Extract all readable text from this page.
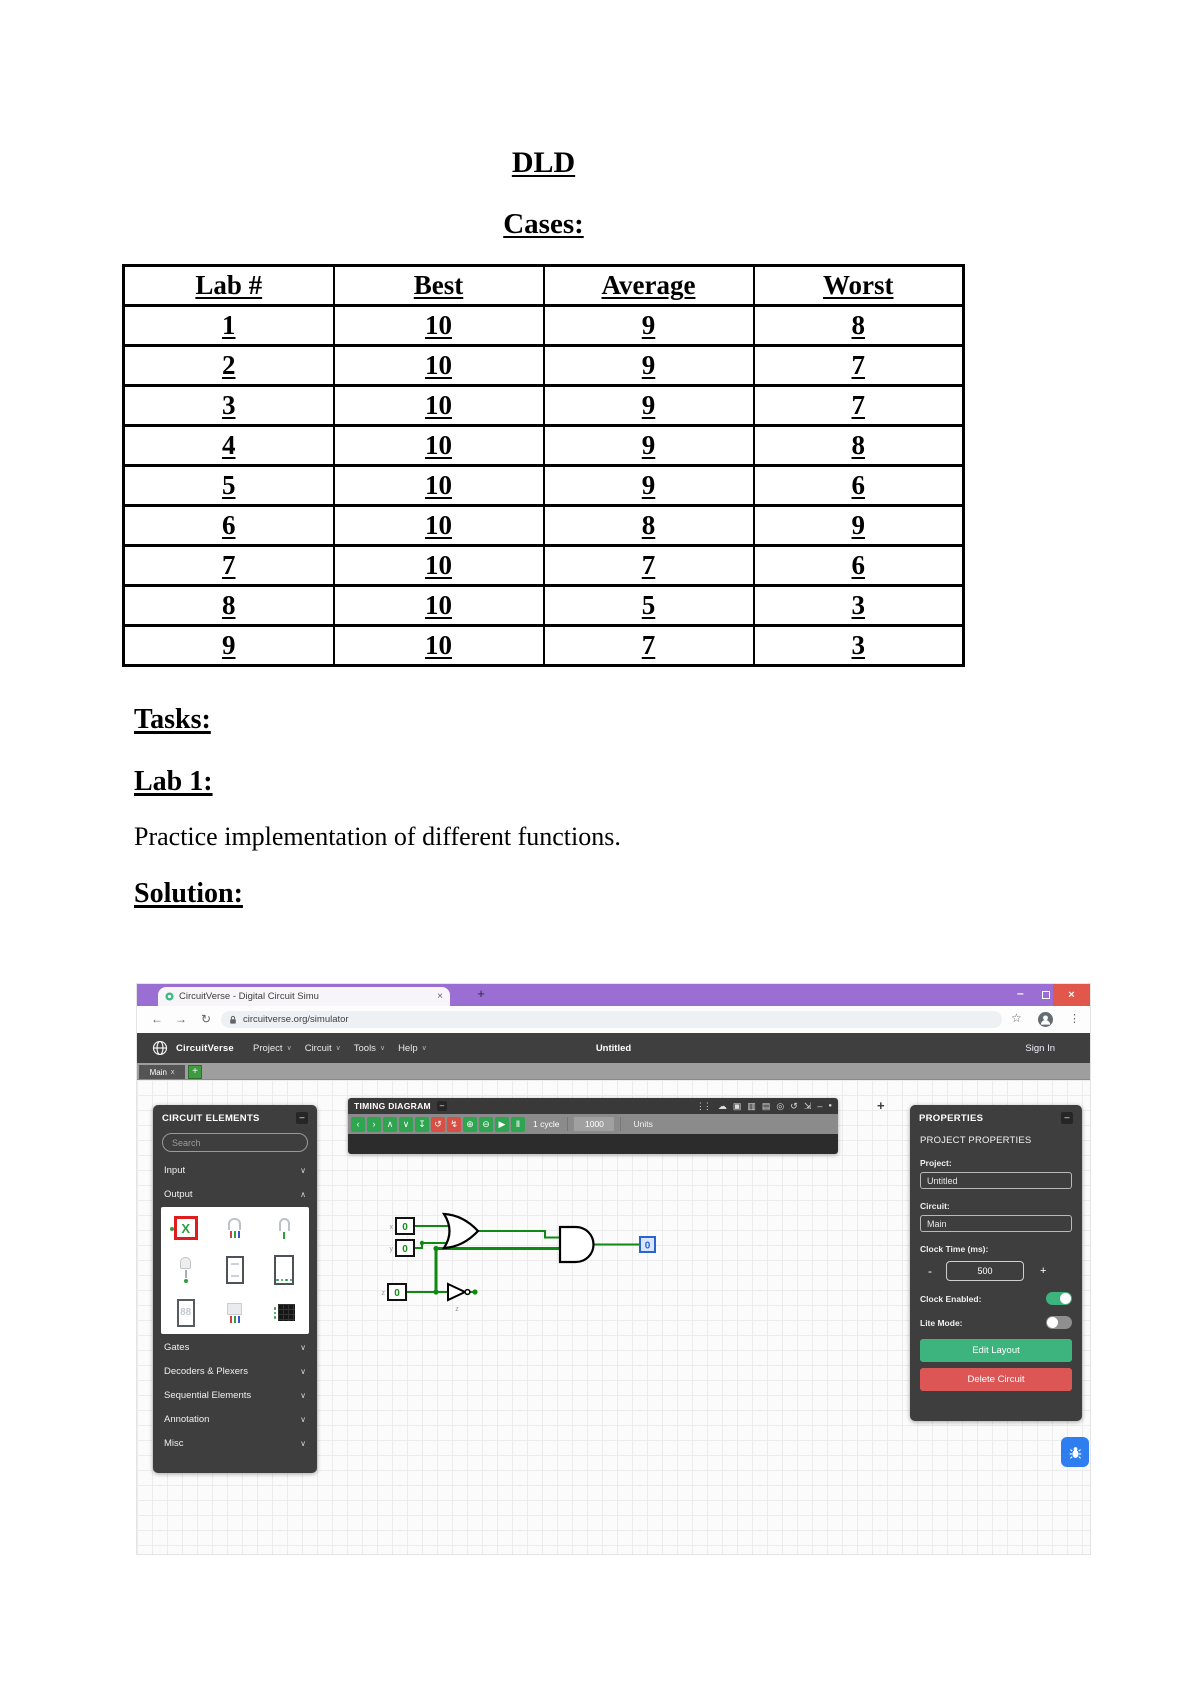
DLD
Cases:
Lab #	Best	Average	Worst
1	10	9	8
2	10	9	7
3	10	9	7
4	10	9	8
5	10	9	6
6	10	8	9
7	10	7	6
8	10	5	3
9	10	7	3
Tasks:
Lab 1:
Practice implementation of different functions.
Solution:
CircuitVerse - Digital Circuit Simu	×	+	–	×
← → ↻	circuitverse.org/simulator	☆	⋮
CircuitVerse Project ∨ Circuit ∨ Tools ∨ Help ∨	Untitled	Sign In
Main x	+
CIRCUIT ELEMENTS	–
Search
Input	∨
Output	∧
X
88
Gates	∨
Decoders & Plexers	∨
Sequential Elements	∨
Annotation	∨
Misc	∨
TIMING DIAGRAM	–	⋮⋮ ☁ ▣ ▥ ▤ ◎ ↺ ⇲ – ●
‹	›	∧	∨ ↧ ↺ ↯ ⊕ ⊖ ▶	Ⅱ	1 cycle	1000	Units
+
x 0
y 0
z 0
z
0
PROPERTIES	–
PROJECT PROPERTIES
Project:
Untitled
Circuit:
Main
Clock Time (ms):
-
500	+
Clock Enabled:
Lite Mode:
Edit Layout
Delete Circuit
